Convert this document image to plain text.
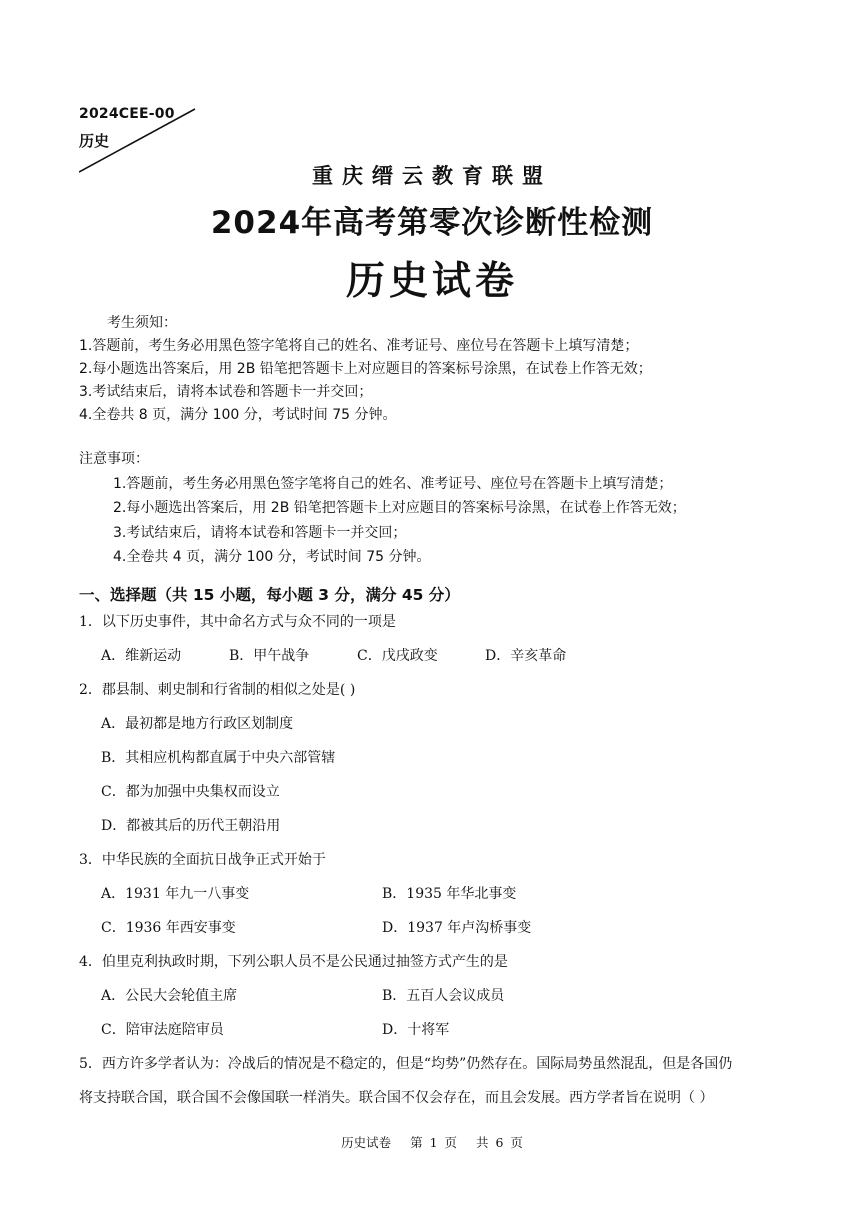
2024CEE-00
历史
重庆缙云教育联盟
2024年高考第零次诊断性检测
历史试卷
考生须知：
1.答题前，考生务必用黑色签字笔将自己的姓名、准考证号、座位号在答题卡上填写清楚；
2.每小题选出答案后，用 2B 铅笔把答题卡上对应题目的答案标号涂黑，在试卷上作答无效；
3.考试结束后，请将本试卷和答题卡一并交回；
4.全卷共 8 页，满分 100 分，考试时间 75 分钟。
注意事项：
1.答题前，考生务必用黑色签字笔将自己的姓名、准考证号、座位号在答题卡上填写清楚；
2.每小题选出答案后，用 2B 铅笔把答题卡上对应题目的答案标号涂黑，在试卷上作答无效；
3.考试结束后，请将本试卷和答题卡一并交回；
4.全卷共 4 页，满分 100 分，考试时间 75 分钟。
一、选择题（共 15 小题，每小题 3 分，满分 45 分）
1．以下历史事件，其中命名方式与众不同的一项是
A．维新运动	B．甲午战争	C．戊戌政变	D．辛亥革命
2．郡县制、刺史制和行省制的相似之处是( )
A．最初都是地方行政区划制度
B．其相应机构都直属于中央六部管辖
C．都为加强中央集权而设立
D．都被其后的历代王朝沿用
3．中华民族的全面抗日战争正式开始于
A．1931 年九一八事变	B．1935 年华北事变
C．1936 年西安事变	D．1937 年卢沟桥事变
4．伯里克利执政时期，下列公职人员不是公民通过抽签方式产生的是
A．公民大会轮值主席	B．五百人会议成员
C．陪审法庭陪审员	D．十将军
5．西方许多学者认为：冷战后的情况是不稳定的，但是“均势”仍然存在。国际局势虽然混乱，但是各国仍
将支持联合国，联合国不会像国联一样消失。联合国不仅会存在，而且会发展。西方学者旨在说明（ ）
历史试卷 第 1 页 共 6 页
